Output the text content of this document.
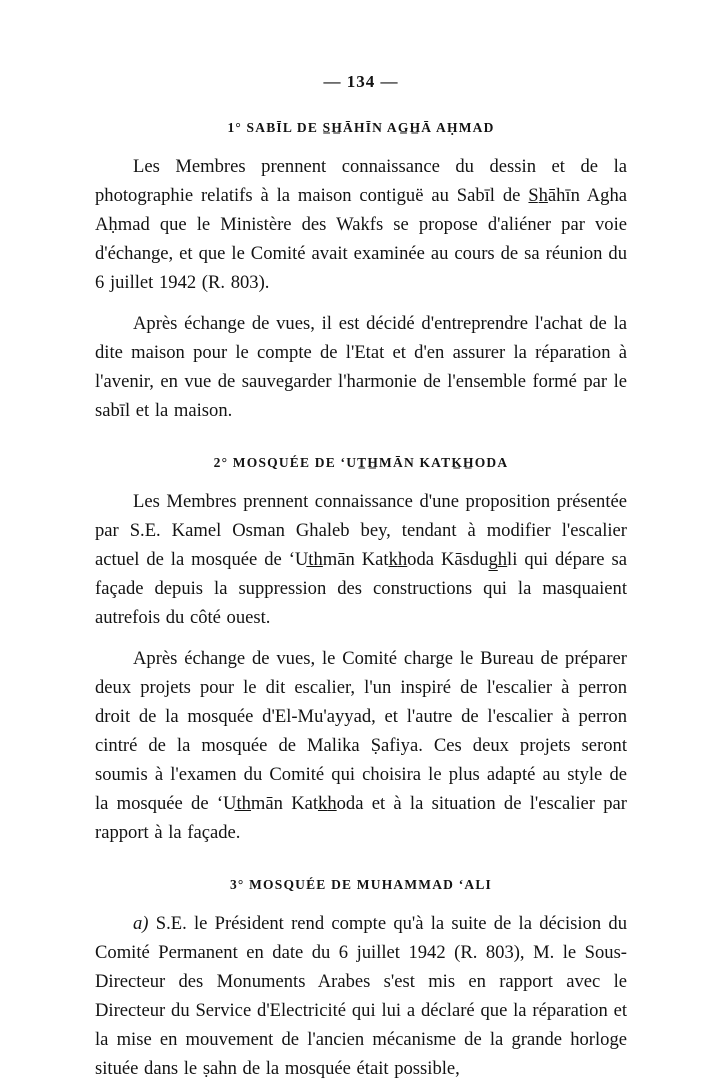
— 134 —
1° SABĪL DE S̲H̲ĀHĪN AG̲H̲Ā AḤMAD

Les Membres prennent connaissance du dessin et de la photographie relatifs à la maison contiguë au Sabīl de S̲h̲āhīn Agha Aḥmad que le Ministère des Wakfs se propose d'aliéner par voie d'échange, et que le Comité avait examinée au cours de sa réunion du 6 juillet 1942 (R. 803).

Après échange de vues, il est décidé d'entreprendre l'achat de la dite maison pour le compte de l'Etat et d'en assurer la réparation à l'avenir, en vue de sauvegarder l'harmonie de l'ensemble formé par le sabīl et la maison.

2° MOSQUÉE DE ‘UT̲H̲MĀN KATK̲H̲ODA

Les Membres prennent connaissance d'une proposition présentée par S.E. Kamel Osman Ghaleb bey, tendant à modifier l'escalier actuel de la mosquée de ‘Ut̲h̲mān Katk̲h̲oda Kāsdug̲h̲li qui dépare sa façade depuis la suppression des constructions qui la masquaient autrefois du côté ouest.

Après échange de vues, le Comité charge le Bureau de préparer deux projets pour le dit escalier, l'un inspiré de l'escalier à perron droit de la mosquée d'El-Mu'ayyad, et l'autre de l'escalier à perron cintré de la mosquée de Malika Ṣafiya. Ces deux projets seront soumis à l'examen du Comité qui choisira le plus adapté au style de la mosquée de ‘Ut̲h̲mān Katk̲h̲oda et à la situation de l'escalier par rapport à la façade.

3° MOSQUÉE DE MUHAMMAD ‘ALI

a) S.E. le Président rend compte qu'à la suite de la décision du Comité Permanent en date du 6 juillet 1942 (R. 803), M. le Sous-Directeur des Monuments Arabes s'est mis en rapport avec le Directeur du Service d'Electricité qui lui a déclaré que la réparation et la mise en mouvement de l'ancien mécanisme de la grande horloge située dans le ṣahn de la mosquée était possible,
